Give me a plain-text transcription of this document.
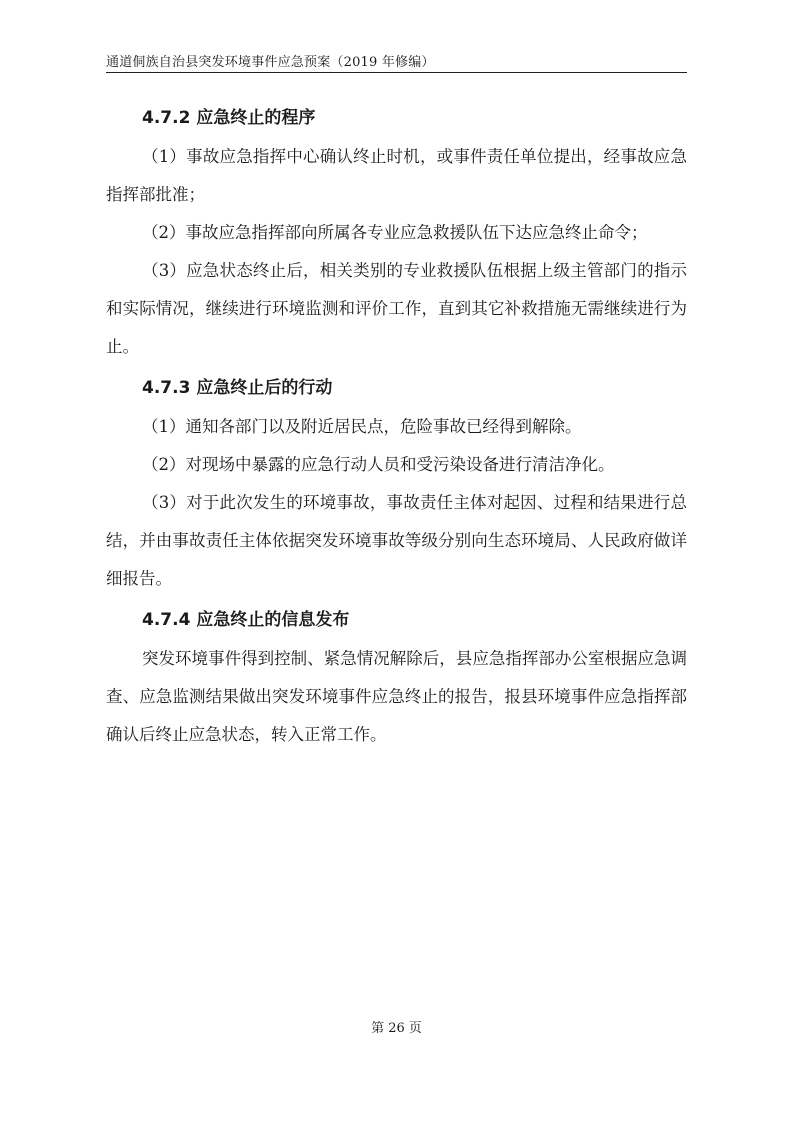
通道侗族自治县突发环境事件应急预案（2019 年修编）
4.7.2 应急终止的程序

（1）事故应急指挥中心确认终止时机，或事件责任单位提出，经事故应急指挥部批准；

（2）事故应急指挥部向所属各专业应急救援队伍下达应急终止命令；

（3）应急状态终止后，相关类别的专业救援队伍根据上级主管部门的指示和实际情况，继续进行环境监测和评价工作，直到其它补救措施无需继续进行为止。

4.7.3 应急终止后的行动

（1）通知各部门以及附近居民点，危险事故已经得到解除。

（2）对现场中暴露的应急行动人员和受污染设备进行清洁净化。

（3）对于此次发生的环境事故，事故责任主体对起因、过程和结果进行总结，并由事故责任主体依据突发环境事故等级分别向生态环境局、人民政府做详细报告。

4.7.4 应急终止的信息发布

突发环境事件得到控制、紧急情况解除后，县应急指挥部办公室根据应急调查、应急监测结果做出突发环境事件应急终止的报告，报县环境事件应急指挥部确认后终止应急状态，转入正常工作。

第 26 页
